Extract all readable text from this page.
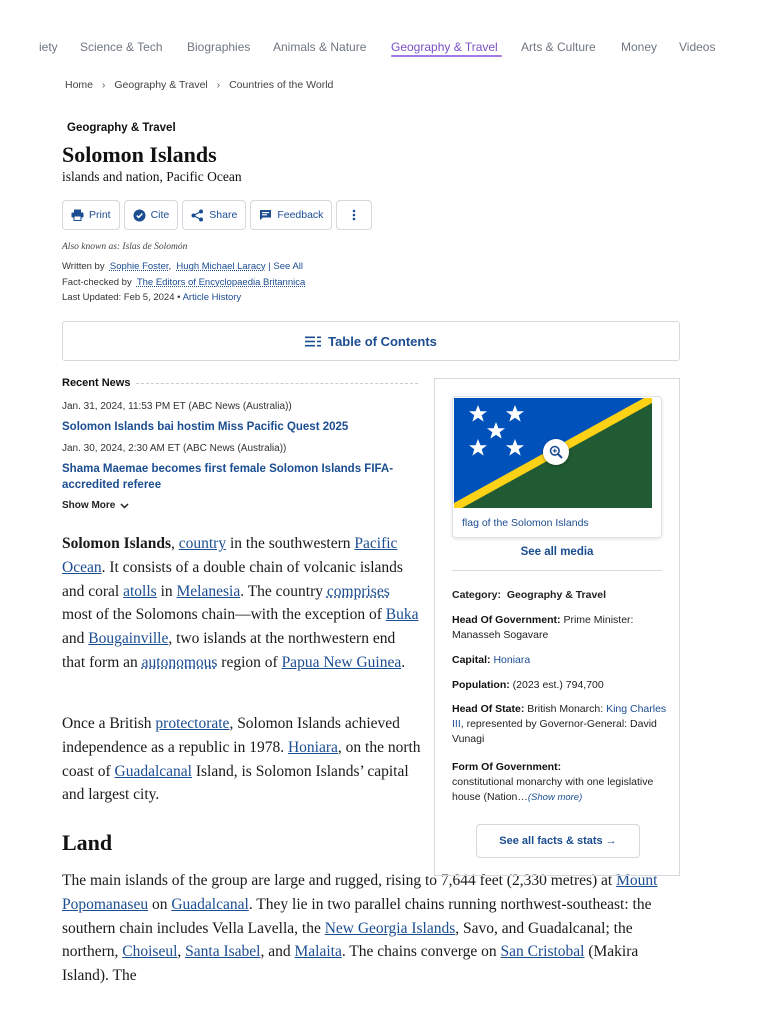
iety Science & Tech Biographies Animals & Nature Geography & Travel Arts & Culture Money Videos
Home › Geography & Travel › Countries of the World
Geography & Travel
Solomon Islands
islands and nation, Pacific Ocean
Print	Cite	Share	Feedback
Also known as: Islas de Solomón
Written by Sophie Foster,  Hugh Michael Laracy | See All
Fact-checked by The Editors of Encyclopaedia Britannica
Last Updated: Feb 5, 2024 • Article History
Table of Contents
Recent News
Jan. 31, 2024, 11:53 PM ET (ABC News (Australia))
Solomon Islands bai hostim Miss Pacific Quest 2025
Jan. 30, 2024, 2:30 AM ET (ABC News (Australia))
Shama Maemae becomes first female Solomon Islands FIFA-accredited referee
Show More

Solomon Islands, country in the southwestern Pacific Ocean. It consists of a double chain of volcanic islands and coral atolls in Melanesia. The country comprises most of the Solomons chain—with the exception of Buka and Bougainville, two islands at the northwestern end that form an autonomous region of Papua New Guinea.

Once a British protectorate, Solomon Islands achieved independence as a republic in 1978. Honiara, on the north coast of Guadalcanal Island, is Solomon Islands’ capital and largest city.

Land

The main islands of the group are large and rugged, rising to 7,644 feet (2,330 metres) at Mount Popomanaseu on Guadalcanal. They lie in two parallel chains running northwest-southeast: the southern chain includes Vella Lavella, the New Georgia Islands, Savo, and Guadalcanal; the northern, Choiseul, Santa Isabel, and Malaita. The chains converge on San Cristobal (Makira Island). The

flag of the Solomon Islands
See all media
Category: Geography & Travel
Head Of Government: Prime Minister: Manasseh Sogavare
Capital: Honiara
Population: (2023 est.) 794,700
Head Of State: British Monarch: King Charles III, represented by Governor-General: David Vunagi
Form Of Government:
constitutional monarchy with one legislative house (Nation…(Show more)
See all facts & stats →
